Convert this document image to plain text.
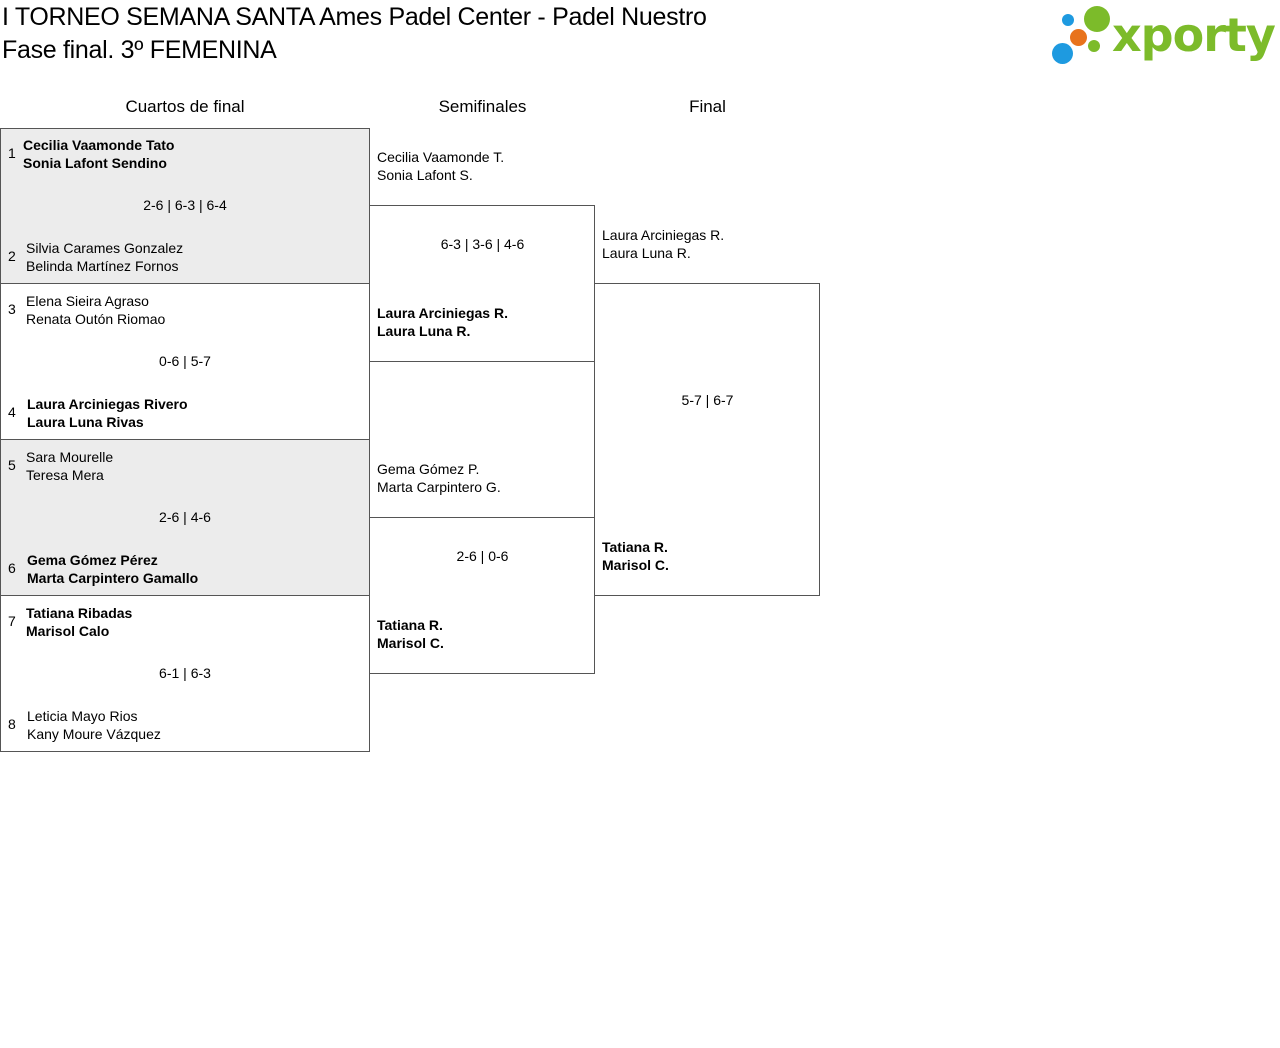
I TORNEO SEMANA SANTA Ames Padel Center - Padel Nuestro
Fase final. 3º FEMENINA	xporty
Cuartos de final	Semifinales	Final
1 Cecilia Vaamonde Tato
Sonia Lafont Sendino
2-6 | 6-3 | 6-4
2 Silvia Carames Gonzalez
Belinda Martínez Fornos
3 Elena Sieira Agraso
Renata Outón Riomao
0-6 | 5-7
4 Laura Arciniegas Rivero
Laura Luna Rivas
5 Sara Mourelle
Teresa Mera
2-6 | 4-6
6 Gema Gómez Pérez
Marta Carpintero Gamallo
7 Tatiana Ribadas
Marisol Calo
6-1 | 6-3
8 Leticia Mayo Rios
Kany Moure Vázquez
Cecilia Vaamonde T.
Sonia Lafont S.
6-3 | 3-6 | 4-6
Laura Arciniegas R.
Laura Luna R.
Gema Gómez P.
Marta Carpintero G.
2-6 | 0-6
Tatiana R.
Marisol C.
Laura Arciniegas R.
Laura Luna R.
5-7 | 6-7
Tatiana R.
Marisol C.
